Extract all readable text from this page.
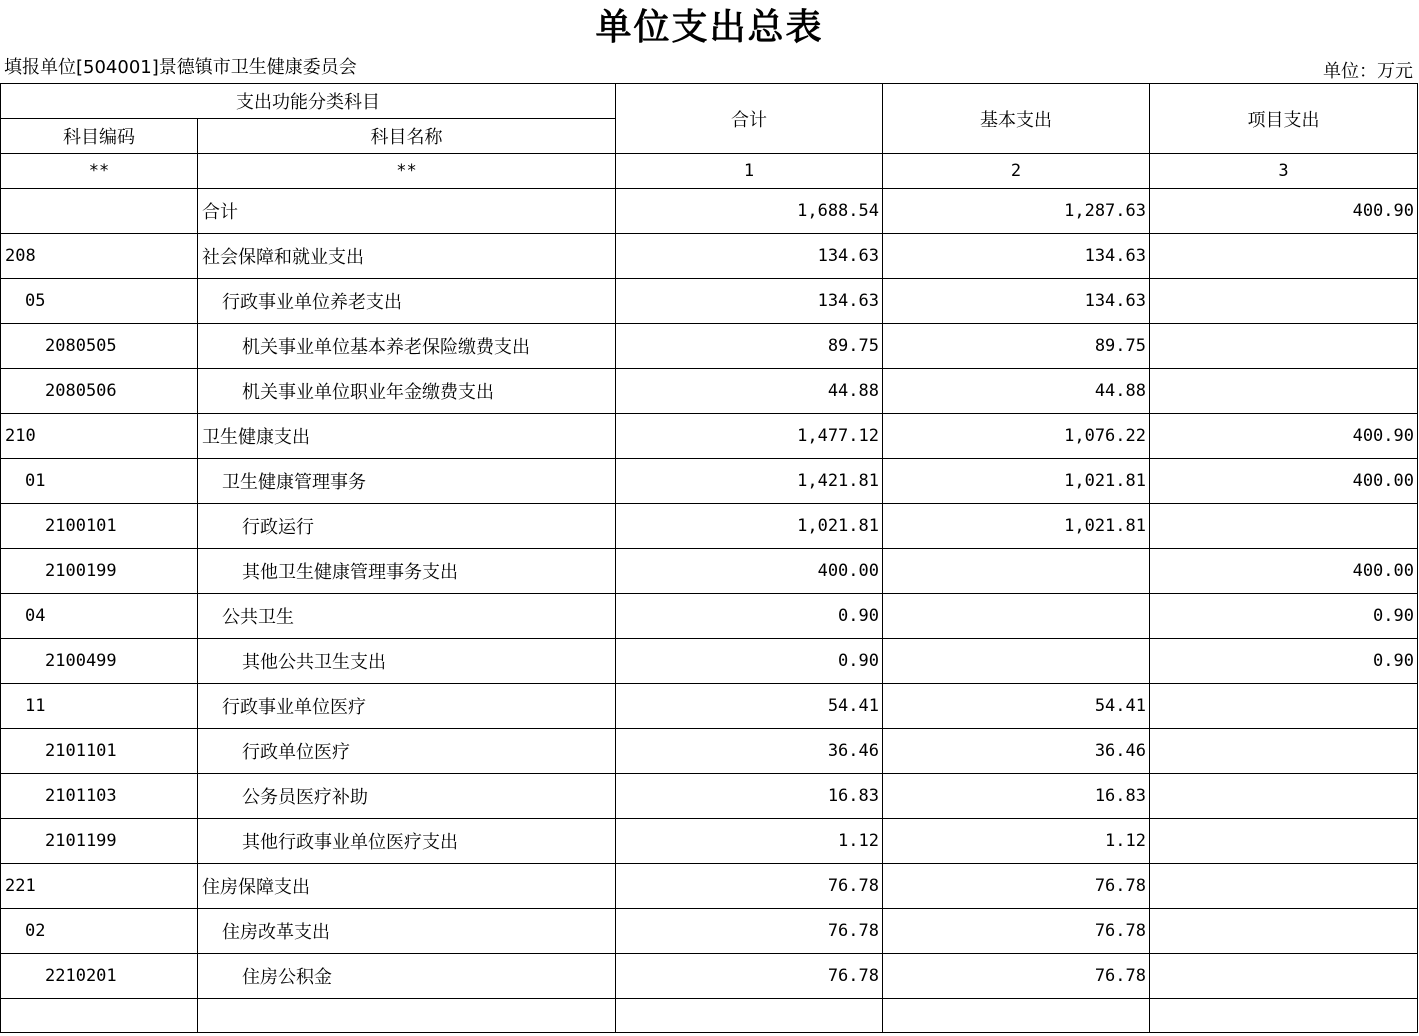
单位支出总表
填报单位[504001]景德镇市卫生健康委员会	单位：万元
支出功能分类科目		合计	基本支出	项目支出
科目编码	科目名称			
**	**	1	2	3
	合计	1,688.54	1,287.63	400.90
208	社会保障和就业支出	134.63	134.63	
05	行政事业单位养老支出	134.63	134.63	
2080505	机关事业单位基本养老保险缴费支出	89.75	89.75	
2080506	机关事业单位职业年金缴费支出	44.88	44.88	
210	卫生健康支出	1,477.12	1,076.22	400.90
01	卫生健康管理事务	1,421.81	1,021.81	400.00
2100101	行政运行	1,021.81	1,021.81	
2100199	其他卫生健康管理事务支出	400.00		400.00
04	公共卫生	0.90		0.90
2100499	其他公共卫生支出	0.90		0.90
11	行政事业单位医疗	54.41	54.41	
2101101	行政单位医疗	36.46	36.46	
2101103	公务员医疗补助	16.83	16.83	
2101199	其他行政事业单位医疗支出	1.12	1.12	
221	住房保障支出	76.78	76.78	
02	住房改革支出	76.78	76.78	
2210201	住房公积金	76.78	76.78	
